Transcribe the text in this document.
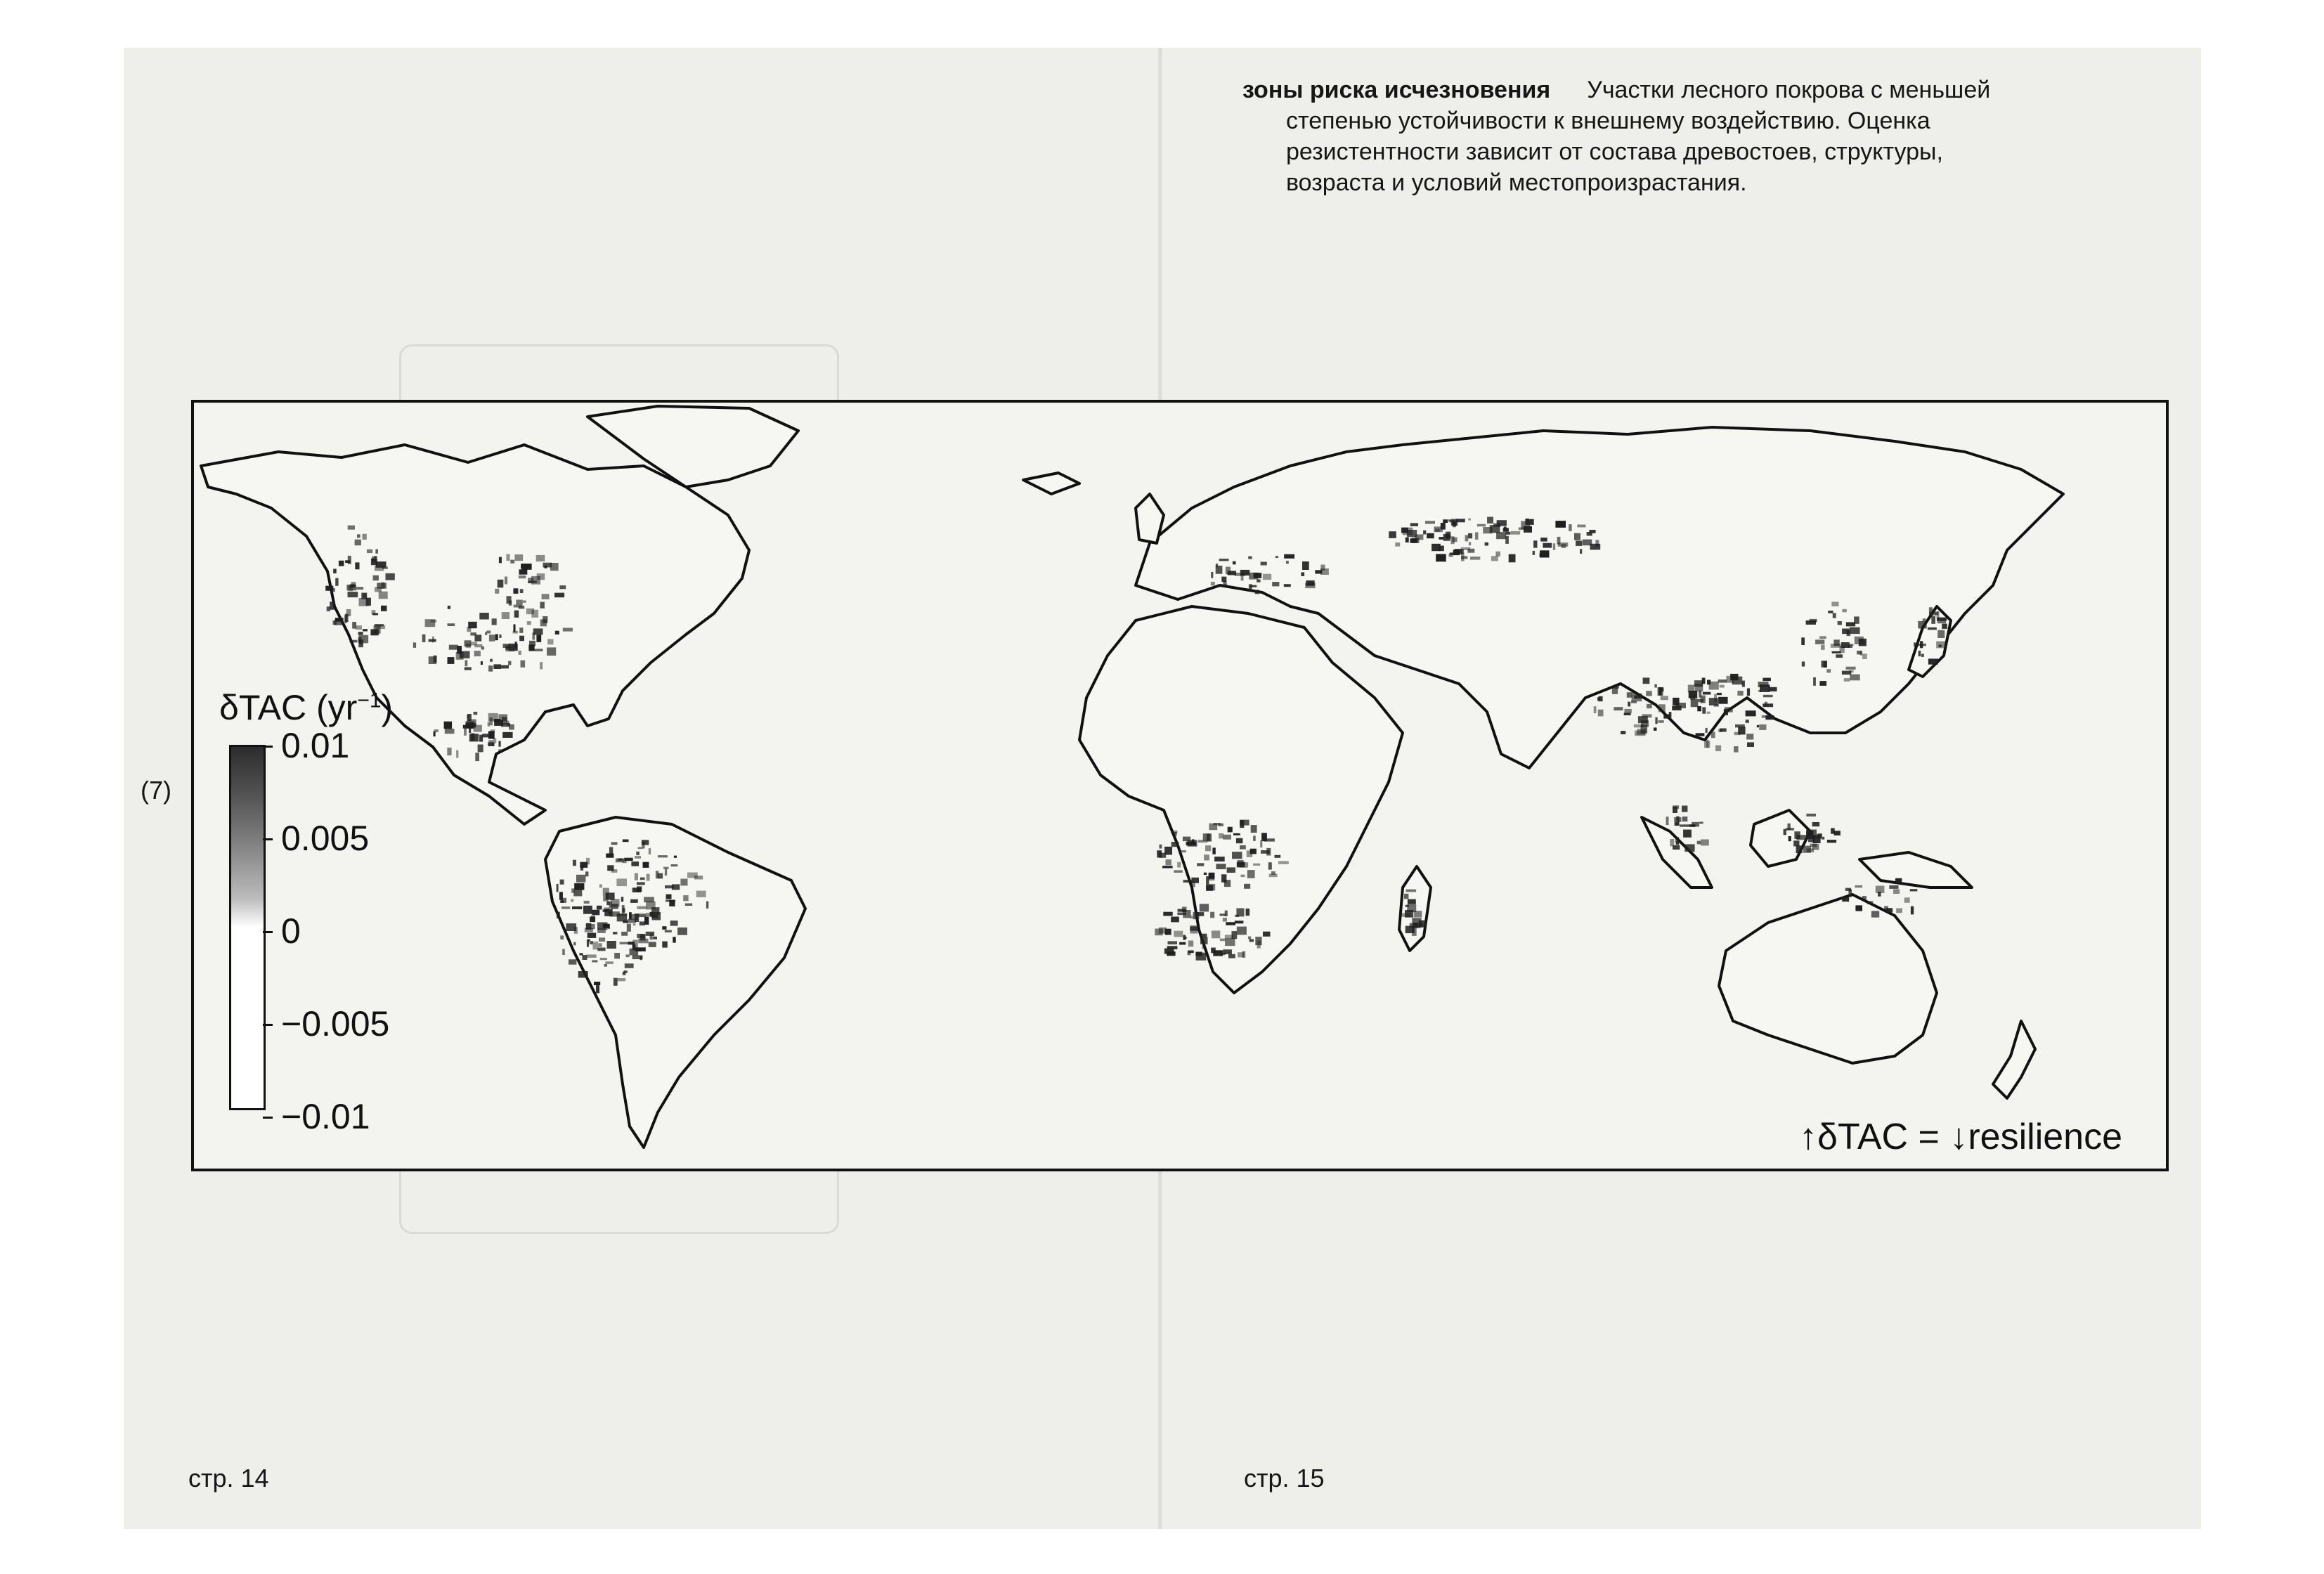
зоны риска исчезновения Участки лесного покрова с меньшей
степенью устойчивости к внешнему воздействию. Оценка
резистентности зависит от состава древостоев, структуры,
возраста и условий местопроизрастания.
(7)
δTAC $(yr^{-1})$
0.01
0.005
0
−0.005
−0.01	↑δTAC = ↓resilience
стр. 14	стр. 15
